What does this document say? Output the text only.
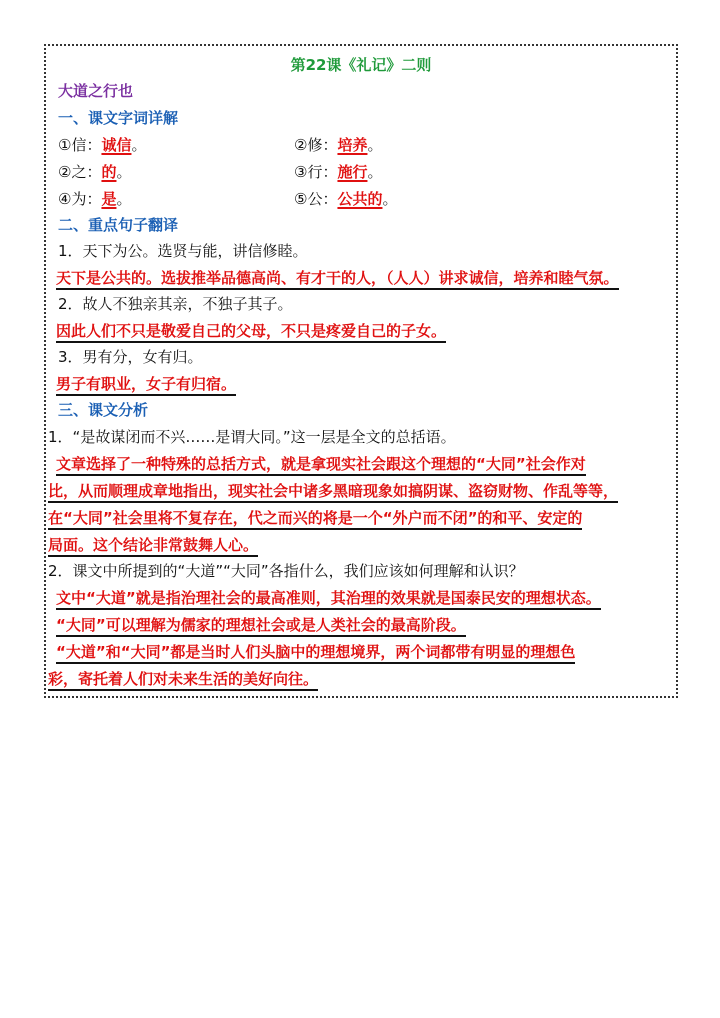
第22课《礼记》二则
大道之行也
一、课文字词详解
①信：诚信。	②修：培养。
②之：的。	③行：施行。
④为：是。	⑤公：公共的。
二、重点句子翻译
1．天下为公。选贤与能，讲信修睦。
天下是公共的。选拔推举品德高尚、有才干的人，（人人）讲求诚信，培养和睦气氛。
2．故人不独亲其亲，不独子其子。
因此人们不只是敬爱自己的父母，不只是疼爱自己的子女。
3．男有分，女有归。
男子有职业，女子有归宿。
三、课文分析
1．“是故谋闭而不兴……是谓大同。”这一层是全文的总括语。
文章选择了一种特殊的总括方式，就是拿现实社会跟这个理想的“大同”社会作对
比，从而顺理成章地指出，现实社会中诸多黑暗现象如搞阴谋、盗窃财物、作乱等等，
在“大同”社会里将不复存在，代之而兴的将是一个“外户而不闭”的和平、安定的
局面。这个结论非常鼓舞人心。
2．课文中所提到的“大道”“大同”各指什么，我们应该如何理解和认识？
文中“大道”就是指治理社会的最高准则，其治理的效果就是国泰民安的理想状态。
“大同”可以理解为儒家的理想社会或是人类社会的最高阶段。
“大道”和“大同”都是当时人们头脑中的理想境界，两个词都带有明显的理想色
彩，寄托着人们对未来生活的美好向往。
